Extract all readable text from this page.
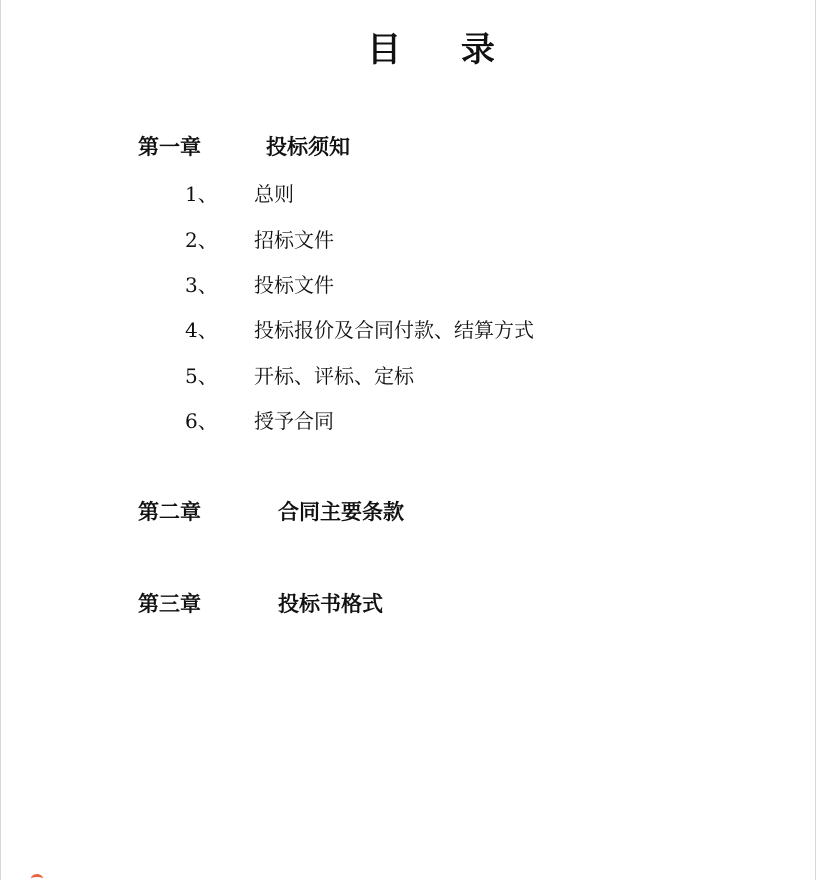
目 录
第一章	投标须知
1、 总则
2、 招标文件
3、 投标文件
4、 投标报价及合同付款、结算方式
5、 开标、评标、定标
6、 授予合同
第二章	合同主要条款
第三章	投标书格式
